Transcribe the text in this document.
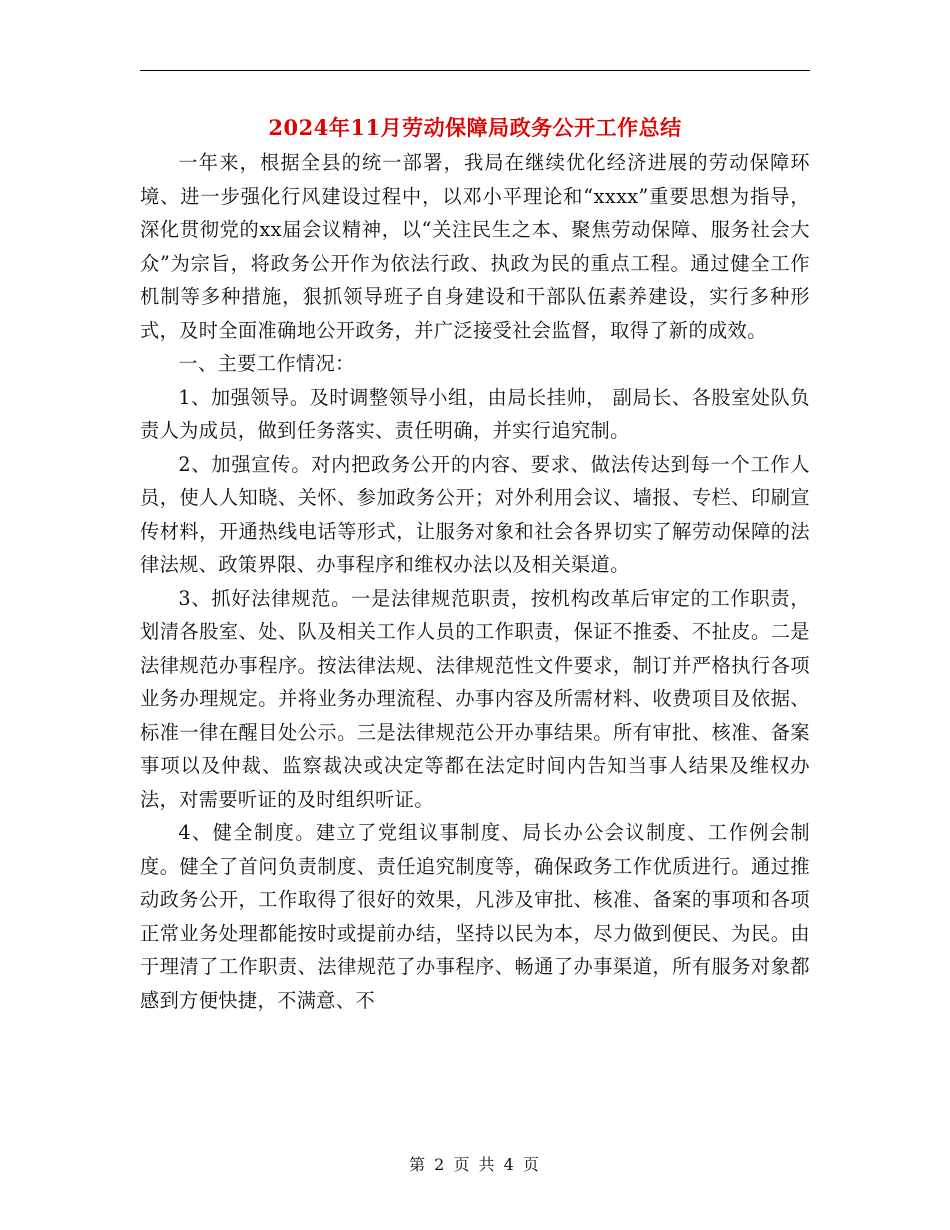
2024年11月劳动保障局政务公开工作总结

一年来，根据全县的统一部署，我局在继续优化经济进展的劳动保障环境、进一步强化行风建设过程中，以邓小平理论和“xxxx”重要思想为指导，深化贯彻党的xx届会议精神，以“关注民生之本、聚焦劳动保障、服务社会大众”为宗旨，将政务公开作为依法行政、执政为民的重点工程。通过健全工作机制等多种措施，狠抓领导班子自身建设和干部队伍素养建设，实行多种形式，及时全面准确地公开政务，并广泛接受社会监督，取得了新的成效。

一、主要工作情况：

1、加强领导。及时调整领导小组，由局长挂帅， 副局长、各股室处队负责人为成员，做到任务落实、责任明确，并实行追究制。

2、加强宣传。对内把政务公开的内容、要求、做法传达到每一个工作人员，使人人知晓、关怀、参加政务公开；对外利用会议、墙报、专栏、印刷宣传材料，开通热线电话等形式，让服务对象和社会各界切实了解劳动保障的法律法规、政策界限、办事程序和维权办法以及相关渠道。

3、抓好法律规范。一是法律规范职责，按机构改革后审定的工作职责，划清各股室、处、队及相关工作人员的工作职责，保证不推委、不扯皮。二是法律规范办事程序。按法律法规、法律规范性文件要求，制订并严格执行各项业务办理规定。并将业务办理流程、办事内容及所需材料、收费项目及依据、标准一律在醒目处公示。三是法律规范公开办事结果。所有审批、核准、备案事项以及仲裁、监察裁决或决定等都在法定时间内告知当事人结果及维权办法，对需要听证的及时组织听证。

4、健全制度。建立了党组议事制度、局长办公会议制度、工作例会制度。健全了首问负责制度、责任追究制度等，确保政务工作优质进行。通过推动政务公开，工作取得了很好的效果，凡涉及审批、核准、备案的事项和各项正常业务处理都能按时或提前办结，坚持以民为本，尽力做到便民、为民。由于理清了工作职责、法律规范了办事程序、畅通了办事渠道，所有服务对象都感到方便快捷，不满意、不

第 2 页 共 4 页
